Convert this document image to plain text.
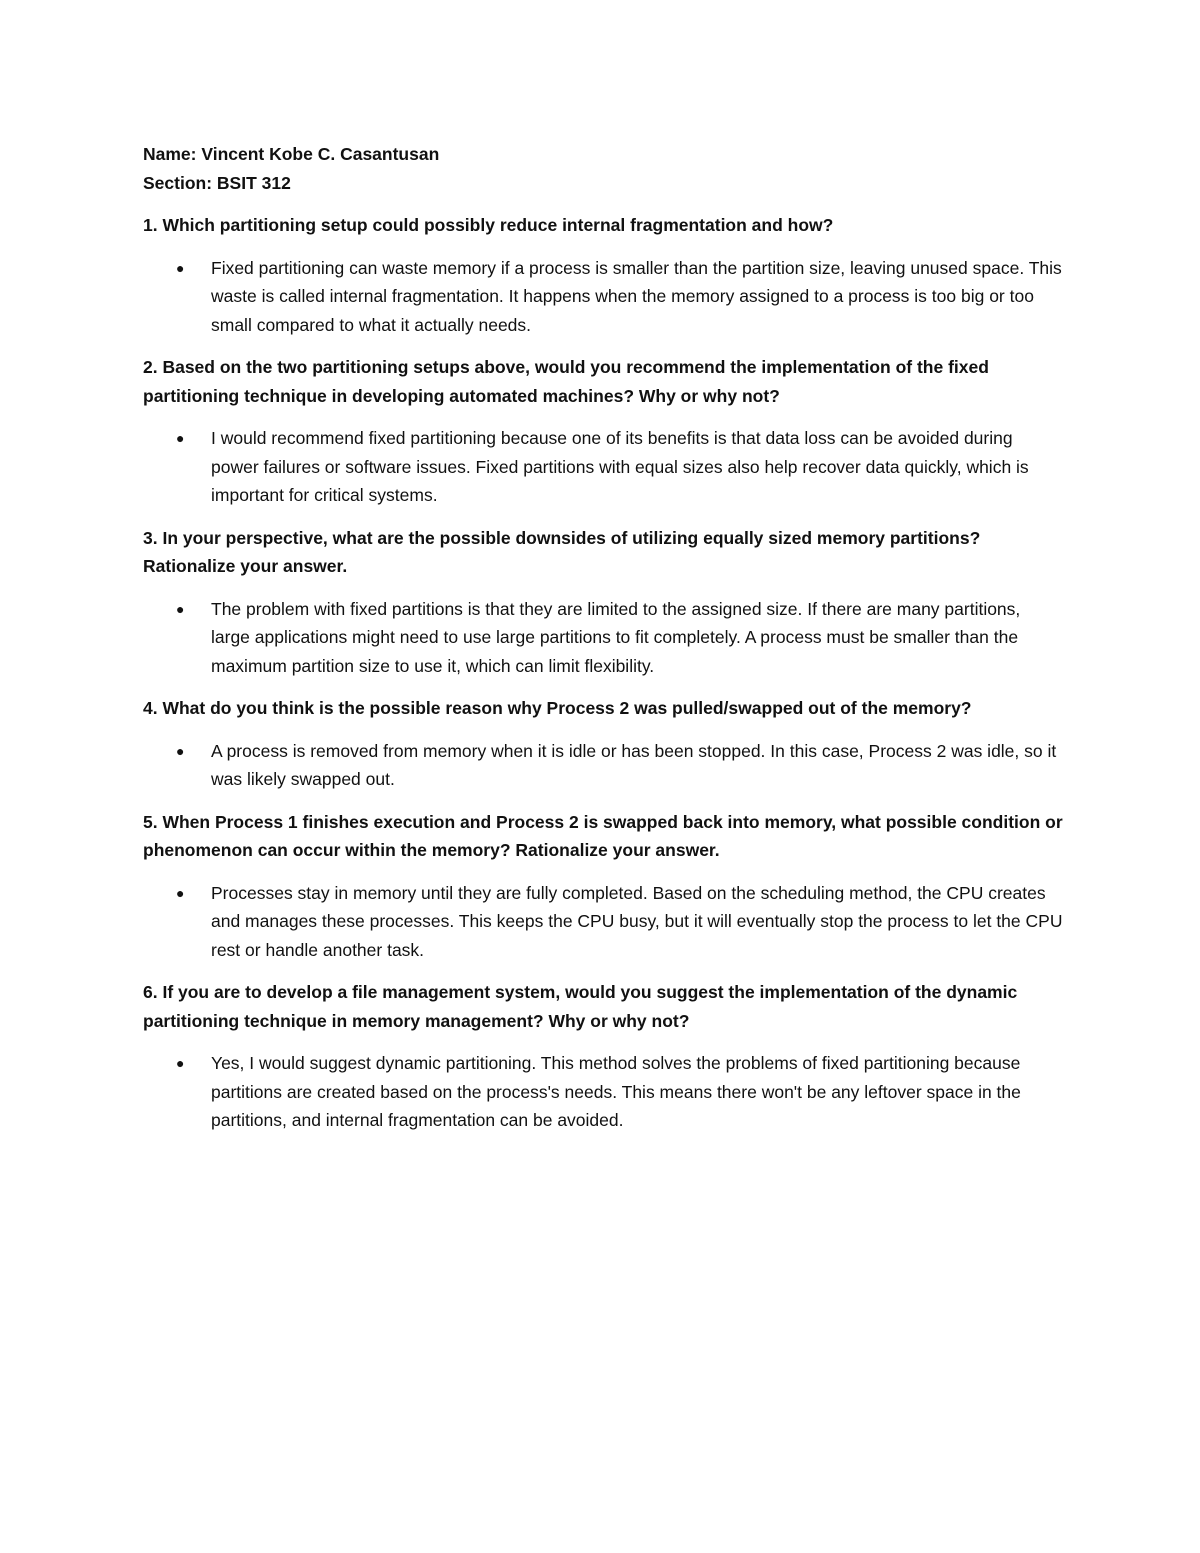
Name: Vincent Kobe C. Casantusan

Section: BSIT 312

1. Which partitioning setup could possibly reduce internal fragmentation and how?

● Fixed partitioning can waste memory if a process is smaller than the partition size, leaving unused space. This waste is called internal fragmentation. It happens when the memory assigned to a process is too big or too small compared to what it actually needs.

2. Based on the two partitioning setups above, would you recommend the implementation of the fixed partitioning technique in developing automated machines? Why or why not?

● I would recommend fixed partitioning because one of its benefits is that data loss can be avoided during power failures or software issues. Fixed partitions with equal sizes also help recover data quickly, which is important for critical systems.

3. In your perspective, what are the possible downsides of utilizing equally sized memory partitions? Rationalize your answer.

● The problem with fixed partitions is that they are limited to the assigned size. If there are many partitions, large applications might need to use large partitions to fit completely. A process must be smaller than the maximum partition size to use it, which can limit flexibility.

4. What do you think is the possible reason why Process 2 was pulled/swapped out of the memory?

● A process is removed from memory when it is idle or has been stopped. In this case, Process 2 was idle, so it was likely swapped out.

5. When Process 1 finishes execution and Process 2 is swapped back into memory, what possible condition or phenomenon can occur within the memory? Rationalize your answer.

● Processes stay in memory until they are fully completed. Based on the scheduling method, the CPU creates and manages these processes. This keeps the CPU busy, but it will eventually stop the process to let the CPU rest or handle another task.

6. If you are to develop a file management system, would you suggest the implementation of the dynamic partitioning technique in memory management? Why or why not?

● Yes, I would suggest dynamic partitioning. This method solves the problems of fixed partitioning because partitions are created based on the process's needs. This means there won't be any leftover space in the partitions, and internal fragmentation can be avoided.
